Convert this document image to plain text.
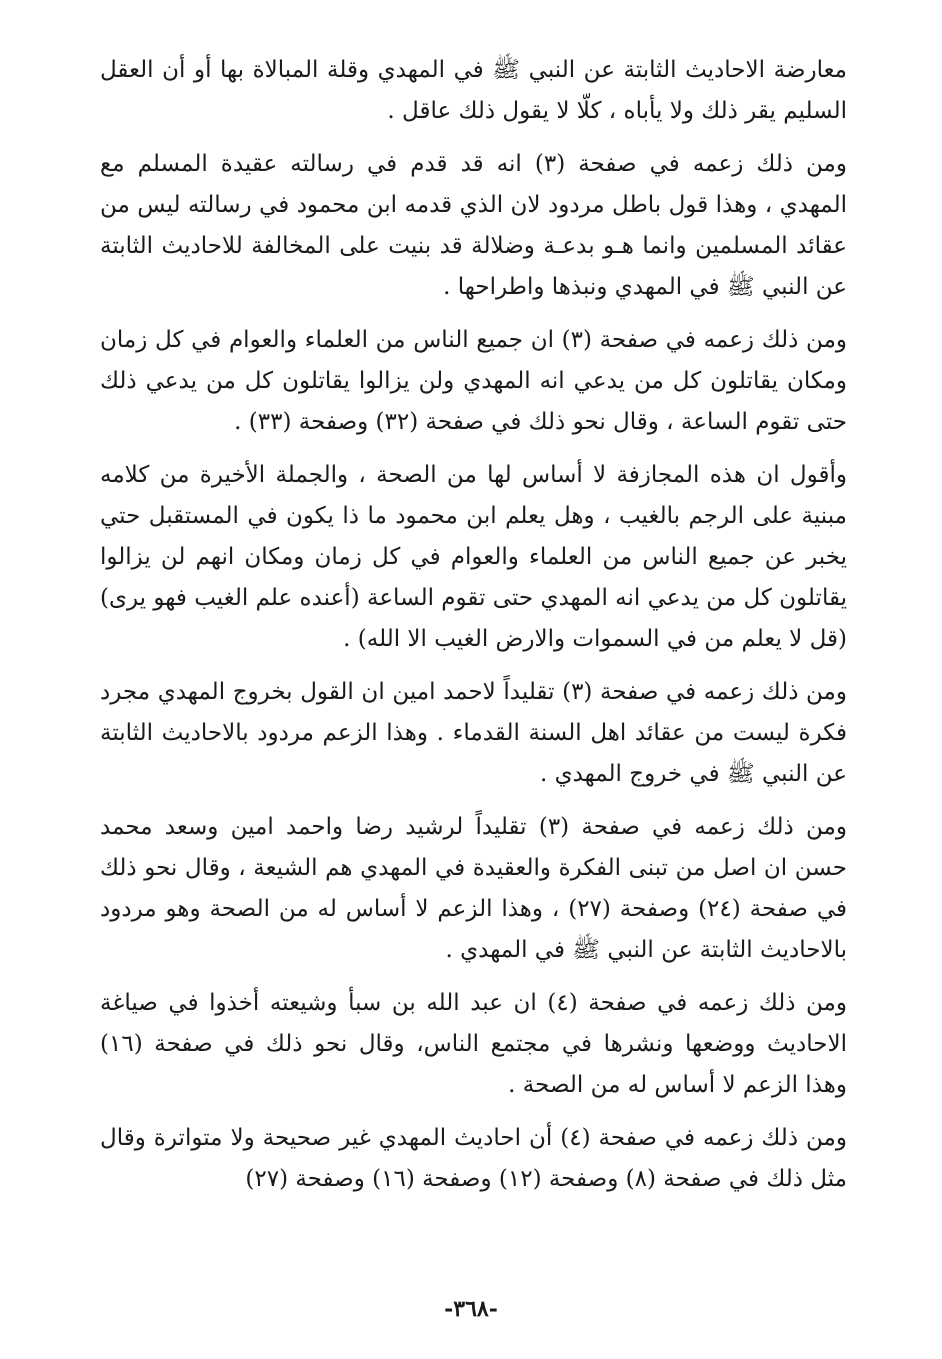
معارضة الاحاديث الثابتة عن النبي ﷺ في المهدي وقلة المبالاة بها أو أن العقل السليم يقر ذلك ولا يأباه ، كلّا لا يقول ذلك عاقل .

ومن ذلك زعمه في صفحة (٣) انه قد قدم في رسالته عقيدة المسلم مع المهدي ، وهذا قول باطل مردود لان الذي قدمه ابن محمود في رسالته ليس من عقائد المسلمين وانما هـو بدعـة وضلالة قد بنيت على المخالفة للاحاديث الثابتة عن النبي ﷺ في المهدي ونبذها واطراحها .

ومن ذلك زعمه في صفحة (٣) ان جميع الناس من العلماء والعوام في كل زمان ومكان يقاتلون كل من يدعي انه المهدي ولن يزالوا يقاتلون كل من يدعي ذلك حتى تقوم الساعة ، وقال نحو ذلك في صفحة (٣٢) وصفحة (٣٣) .

وأقول ان هذه المجازفة لا أساس لها من الصحة ، والجملة الأخيرة من كلامه مبنية على الرجم بالغيب ، وهل يعلم ابن محمود ما ذا يكون في المستقبل حتي يخبر عن جميع الناس من العلماء والعوام في كل زمان ومكان انهم لن يزالوا يقاتلون كل من يدعي انه المهدي حتى تقوم الساعة (أعنده علم الغيب فهو يرى) (قل لا يعلم من في السموات والارض الغيب الا الله) .

ومن ذلك زعمه في صفحة (٣) تقليداً لاحمد امين ان القول بخروج المهدي مجرد فكرة ليست من عقائد اهل السنة القدماء . وهذا الزعم مردود بالاحاديث الثابتة عن النبي ﷺ في خروج المهدي .

ومن ذلك زعمه في صفحة (٣) تقليداً لرشيد رضا واحمد امين وسعد محمد حسن ان اصل من تبنى الفكرة والعقيدة في المهدي هم الشيعة ، وقال نحو ذلك في صفحة (٢٤) وصفحة (٢٧) ، وهذا الزعم لا أساس له من الصحة وهو مردود بالاحاديث الثابتة عن النبي ﷺ في المهدي .

ومن ذلك زعمه في صفحة (٤) ان عبد الله بن سبأ وشيعته أخذوا في صياغة الاحاديث ووضعها ونشرها في مجتمع الناس، وقال نحو ذلك في صفحة (١٦) وهذا الزعم لا أساس له من الصحة .

ومن ذلك زعمه في صفحة (٤) أن احاديث المهدي غير صحيحة ولا متواترة وقال مثل ذلك في صفحة (٨) وصفحة (١٢) وصفحة (١٦) وصفحة (٢٧)

-٣٦٨-
